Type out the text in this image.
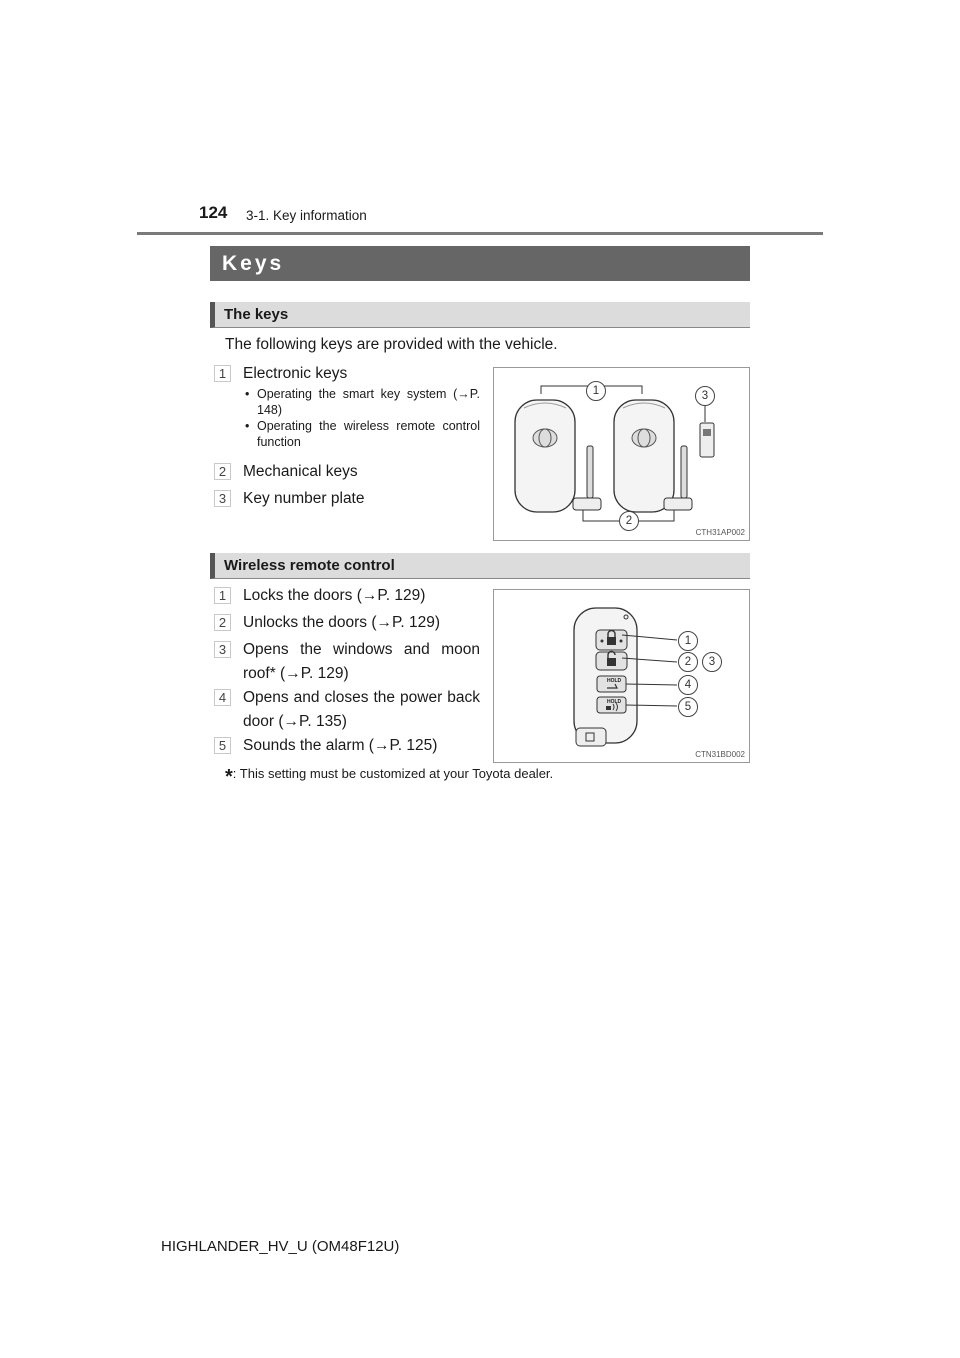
124 3-1. Key information
Keys
The keys
The following keys are provided with the vehicle.
1	Electronic keys
• Operating the smart key system (→P. 148)
• Operating the wireless remote control function
2	Mechanical keys
3	Key number plate
1	3
2
CTH31AP002
Wireless remote control
1	Locks the doors (→P. 129)
2	Unlocks the doors (→P. 129)
3	Opens the windows and moon roof* (→P. 129)
4	Opens and closes the power back door (→P. 135)
5	Sounds the alarm (→P. 125)
HOLD
HOLD
1
2	3
4
5
CTN31BD002
*: This setting must be customized at your Toyota dealer.
HIGHLANDER_HV_U (OM48F12U)
